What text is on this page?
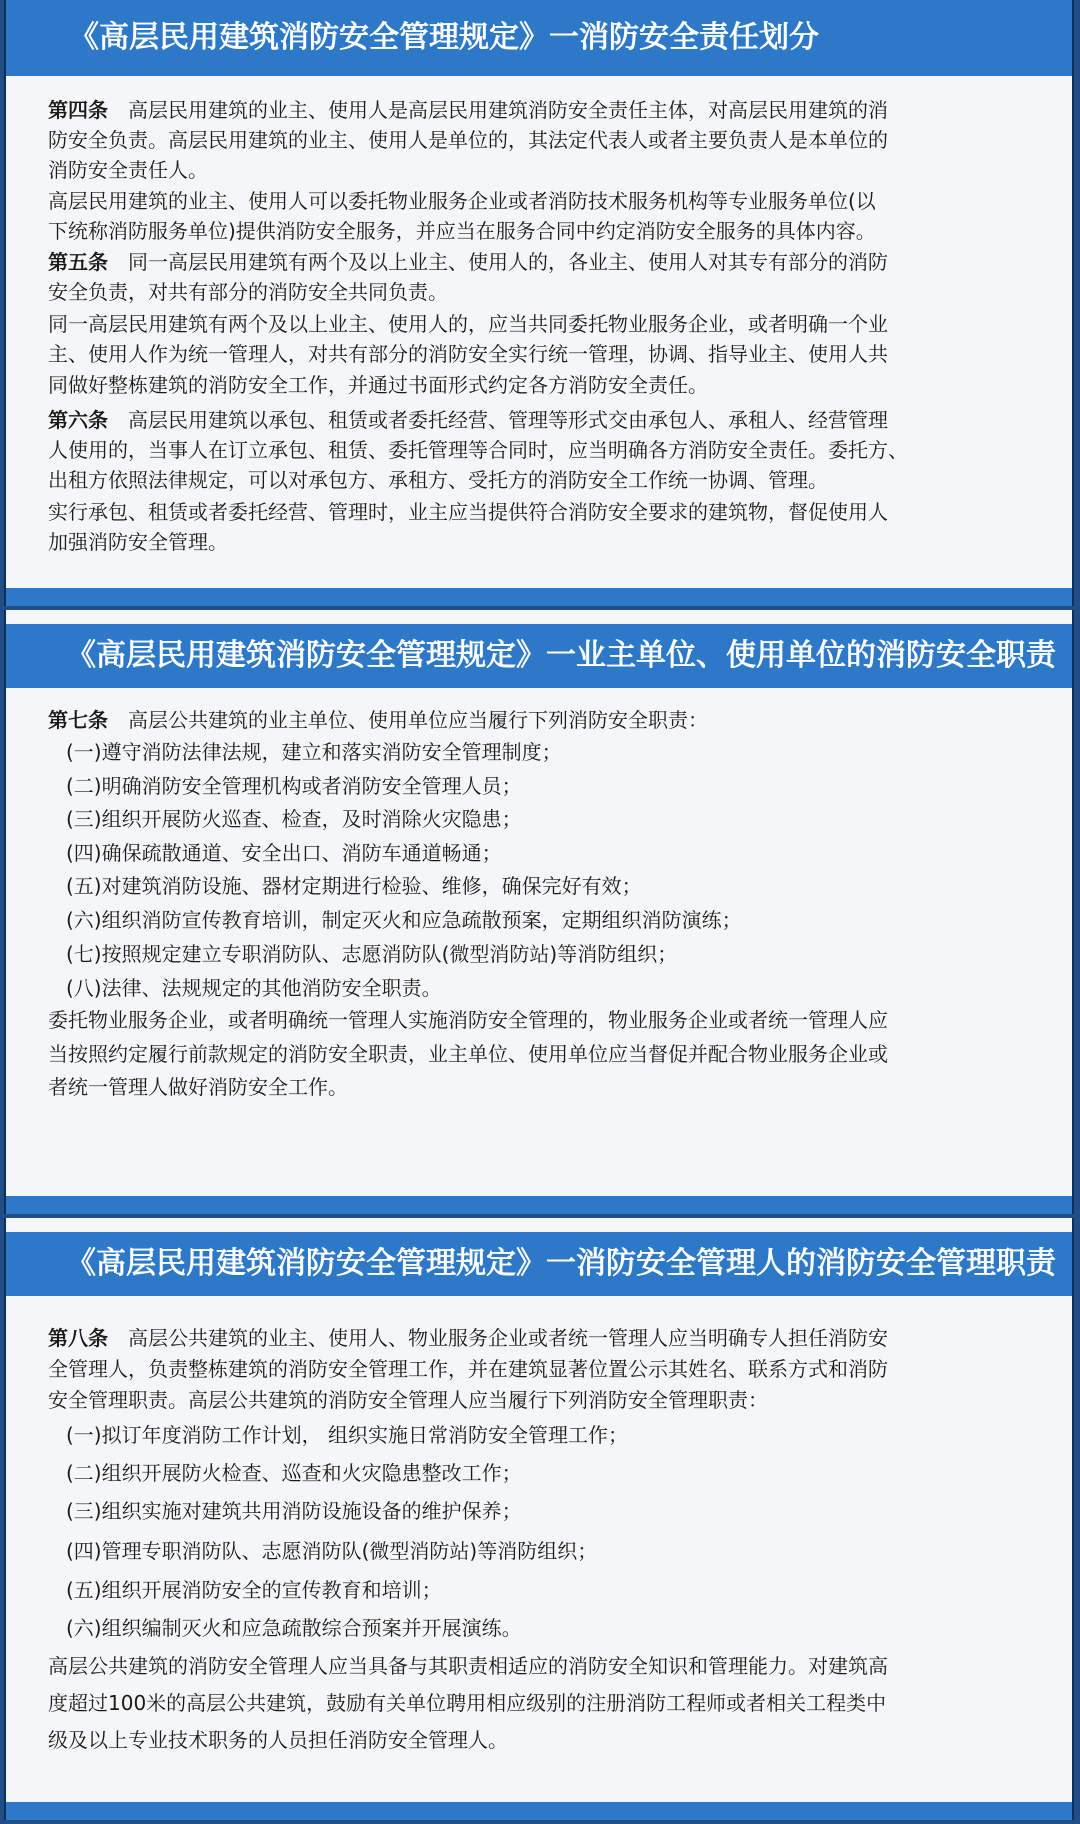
《高层民用建筑消防安全管理规定》一消防安全责任划分
第四条 高层民用建筑的业主、使用人是高层民用建筑消防安全责任主体，对高层民用建筑的消
防安全负责。高层民用建筑的业主、使用人是单位的，其法定代表人或者主要负责人是本单位的
消防安全责任人。
高层民用建筑的业主、使用人可以委托物业服务企业或者消防技术服务机构等专业服务单位(以
下统称消防服务单位)提供消防安全服务，并应当在服务合同中约定消防安全服务的具体内容。
第五条 同一高层民用建筑有两个及以上业主、使用人的，各业主、使用人对其专有部分的消防
安全负责，对共有部分的消防安全共同负责。
同一高层民用建筑有两个及以上业主、使用人的，应当共同委托物业服务企业，或者明确一个业
主、使用人作为统一管理人，对共有部分的消防安全实行统一管理，协调、指导业主、使用人共
同做好整栋建筑的消防安全工作，并通过书面形式约定各方消防安全责任。
第六条 高层民用建筑以承包、租赁或者委托经营、管理等形式交由承包人、承租人、经营管理
人使用的，当事人在订立承包、租赁、委托管理等合同时，应当明确各方消防安全责任。委托方、
出租方依照法律规定，可以对承包方、承租方、受托方的消防安全工作统一协调、管理。
实行承包、租赁或者委托经营、管理时，业主应当提供符合消防安全要求的建筑物，督促使用人
加强消防安全管理。
《高层民用建筑消防安全管理规定》一业主单位、使用单位的消防安全职责
第七条 高层公共建筑的业主单位、使用单位应当履行下列消防安全职责：
(一)遵守消防法律法规，建立和落实消防安全管理制度；
(二)明确消防安全管理机构或者消防安全管理人员；
(三)组织开展防火巡查、检查，及时消除火灾隐患；
(四)确保疏散通道、安全出口、消防车通道畅通；
(五)对建筑消防设施、器材定期进行检验、维修，确保完好有效；
(六)组织消防宣传教育培训，制定灭火和应急疏散预案，定期组织消防演练；
(七)按照规定建立专职消防队、志愿消防队(微型消防站)等消防组织；
(八)法律、法规规定的其他消防安全职责。
委托物业服务企业，或者明确统一管理人实施消防安全管理的，物业服务企业或者统一管理人应
当按照约定履行前款规定的消防安全职责，业主单位、使用单位应当督促并配合物业服务企业或
者统一管理人做好消防安全工作。
《高层民用建筑消防安全管理规定》一消防安全管理人的消防安全管理职责
第八条 高层公共建筑的业主、使用人、物业服务企业或者统一管理人应当明确专人担任消防安
全管理人，负责整栋建筑的消防安全管理工作，并在建筑显著位置公示其姓名、联系方式和消防
安全管理职责。高层公共建筑的消防安全管理人应当履行下列消防安全管理职责：
(一)拟订年度消防工作计划， 组织实施日常消防安全管理工作；
(二)组织开展防火检查、巡查和火灾隐患整改工作；
(三)组织实施对建筑共用消防设施设备的维护保养；
(四)管理专职消防队、志愿消防队(微型消防站)等消防组织；
(五)组织开展消防安全的宣传教育和培训；
(六)组织编制灭火和应急疏散综合预案并开展演练。
高层公共建筑的消防安全管理人应当具备与其职责相适应的消防安全知识和管理能力。对建筑高
度超过100米的高层公共建筑，鼓励有关单位聘用相应级别的注册消防工程师或者相关工程类中
级及以上专业技术职务的人员担任消防安全管理人。
